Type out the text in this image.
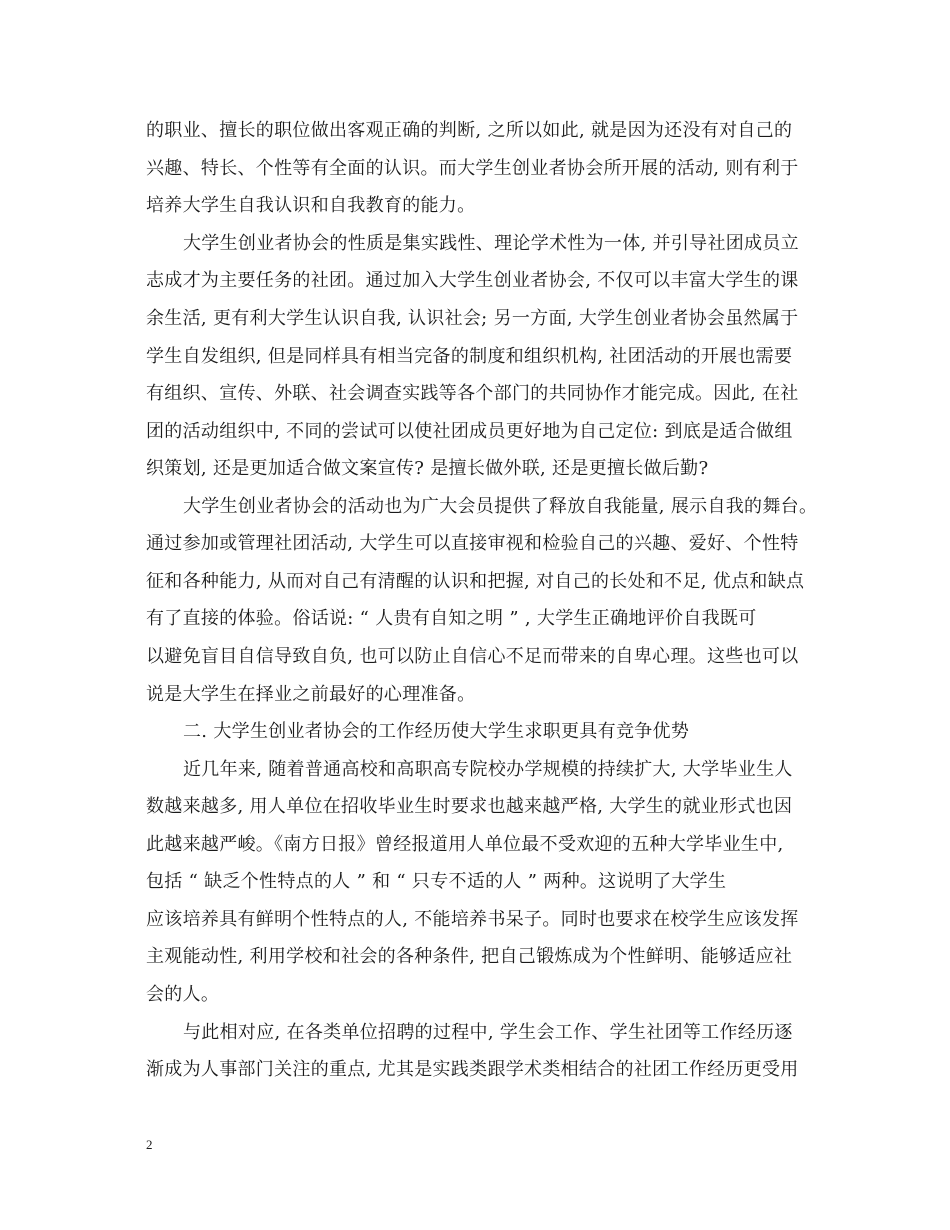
的职业、擅长的职位做出客观正确的判断, 之所以如此, 就是因为还没有对自己的
兴趣、特长、个性等有全面的认识。而大学生创业者协会所开展的活动, 则有利于
培养大学生自我认识和自我教育的能力。
大学生创业者协会的性质是集实践性、理论学术性为一体, 并引导社团成员立
志成才为主要任务的社团。通过加入大学生创业者协会, 不仅可以丰富大学生的课
余生活, 更有利大学生认识自我, 认识社会; 另一方面, 大学生创业者协会虽然属于
学生自发组织, 但是同样具有相当完备的制度和组织机构, 社团活动的开展也需要
有组织、宣传、外联、社会调查实践等各个部门的共同协作才能完成。因此, 在社
团的活动组织中, 不同的尝试可以使社团成员更好地为自己定位: 到底是适合做组
织策划, 还是更加适合做文案宣传? 是擅长做外联, 还是更擅长做后勤?
大学生创业者协会的活动也为广大会员提供了释放自我能量, 展示自我的舞台。
通过参加或管理社团活动, 大学生可以直接审视和检验自己的兴趣、爱好、个性特
征和各种能力, 从而对自己有清醒的认识和把握, 对自己的长处和不足, 优点和缺点
有了直接的体验。俗话说: “ 人贵有自知之明 ” , 大学生正确地评价自我既可
以避免盲目自信导致自负, 也可以防止自信心不足而带来的自卑心理。这些也可以
说是大学生在择业之前最好的心理准备。
二. 大学生创业者协会的工作经历使大学生求职更具有竞争优势
近几年来, 随着普通高校和高职高专院校办学规模的持续扩大, 大学毕业生人
数越来越多, 用人单位在招收毕业生时要求也越来越严格, 大学生的就业形式也因
此越来越严峻。《南方日报》曾经报道用人单位最不受欢迎的五种大学毕业生中,
包括 “ 缺乏个性特点的人 ” 和 “ 只专不适的人 ” 两种。这说明了大学生
应该培养具有鲜明个性特点的人, 不能培养书呆子。同时也要求在校学生应该发挥
主观能动性, 利用学校和社会的各种条件, 把自己锻炼成为个性鲜明、能够适应社
会的人。
与此相对应, 在各类单位招聘的过程中, 学生会工作、学生社团等工作经历逐
渐成为人事部门关注的重点, 尤其是实践类跟学术类相结合的社团工作经历更受用
2
